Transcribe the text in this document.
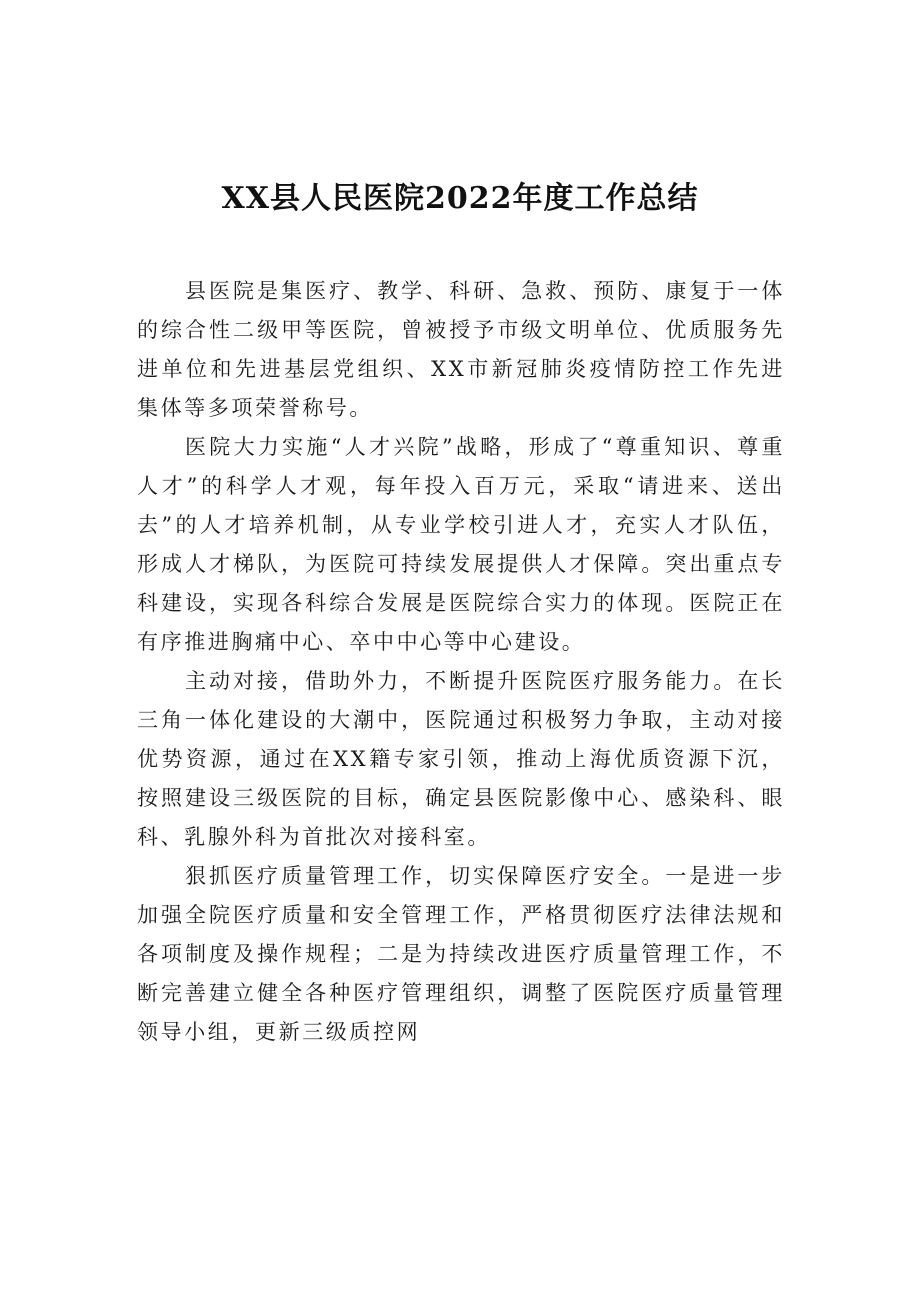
XX县人民医院2022年度工作总结

县医院是集医疗、教学、科研、急救、预防、康复于一体的综合性二级甲等医院，曾被授予市级文明单位、优质服务先进单位和先进基层党组织、XX市新冠肺炎疫情防控工作先进集体等多项荣誉称号。

医院大力实施“人才兴院”战略，形成了“尊重知识、尊重人才”的科学人才观，每年投入百万元，采取“请进来、送出去”的人才培养机制，从专业学校引进人才，充实人才队伍，形成人才梯队，为医院可持续发展提供人才保障。突出重点专科建设，实现各科综合发展是医院综合实力的体现。医院正在有序推进胸痛中心、卒中中心等中心建设。

主动对接，借助外力，不断提升医院医疗服务能力。在长三角一体化建设的大潮中，医院通过积极努力争取，主动对接优势资源，通过在XX籍专家引领，推动上海优质资源下沉，按照建设三级医院的目标，确定县医院影像中心、感染科、眼科、乳腺外科为首批次对接科室。

狠抓医疗质量管理工作，切实保障医疗安全。一是进一步加强全院医疗质量和安全管理工作，严格贯彻医疗法律法规和各项制度及操作规程；二是为持续改进医疗质量管理工作，不断完善建立健全各种医疗管理组织，调整了医院医疗质量管理领导小组，更新三级质控网
